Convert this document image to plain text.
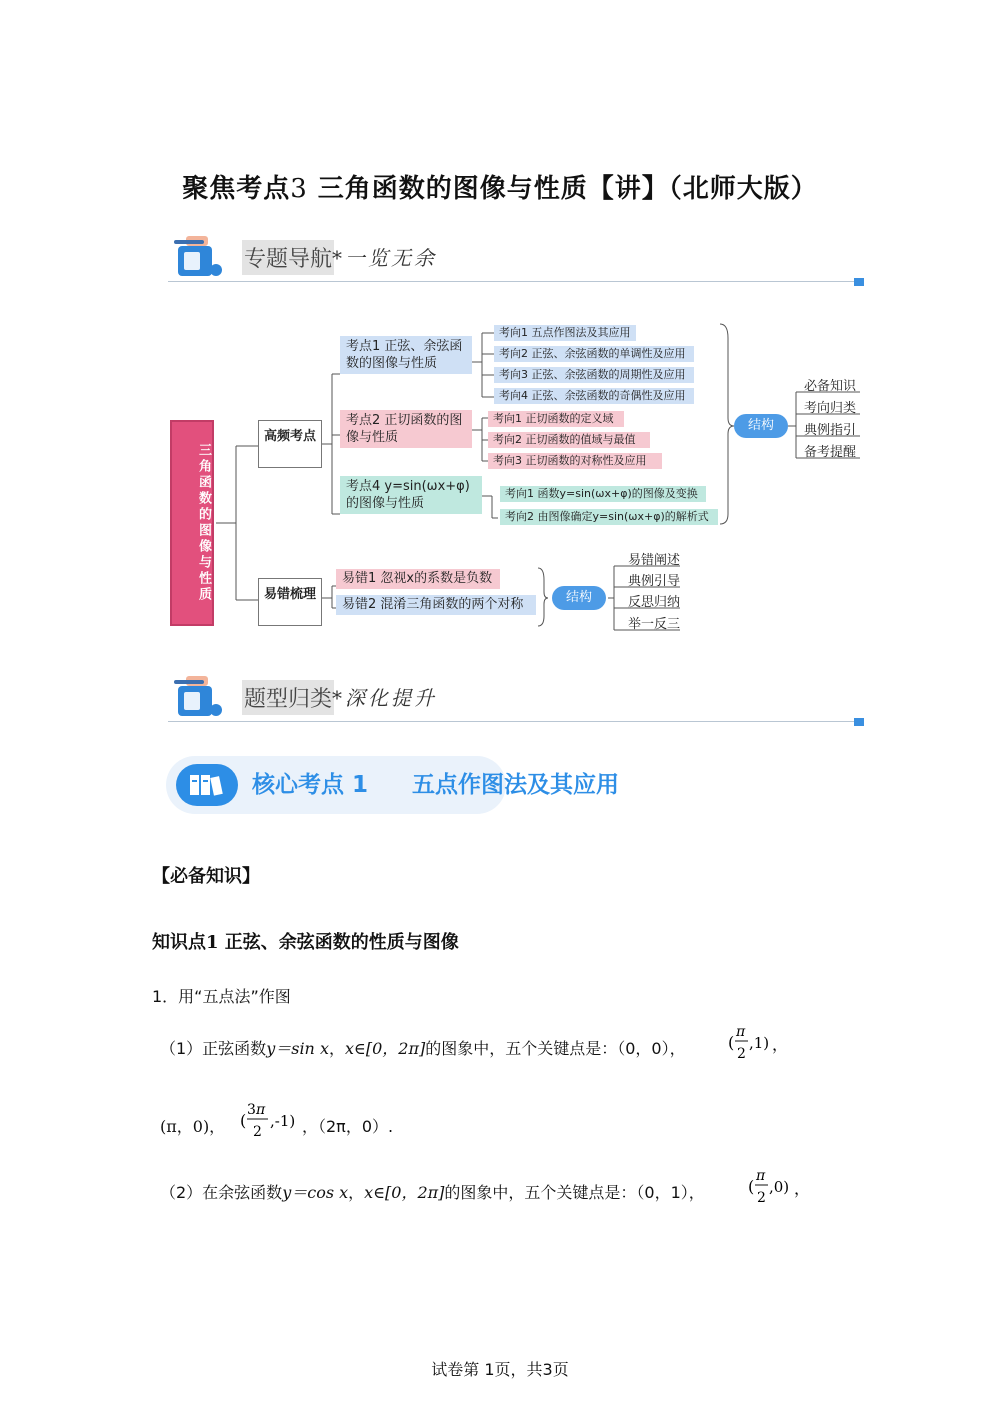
聚焦考点3 三角函数的图像与性质【讲】（北师大版）
专题导航 *一览无余
三角函数的图像与性质
高频考点
易错梳理
考点1 正弦、余弦函数的图像与性质
考点2 正切函数的图像与性质
考点4 y=sin(ωx+φ)的图像与性质
考向1 五点作图法及其应用
考向2 正弦、余弦函数的单调性及应用
考向3 正弦、余弦函数的周期性及应用
考向4 正弦、余弦函数的奇偶性及应用
考向1 正切函数的定义域
考向2 正切函数的值域与最值
考向3 正切函数的对称性及应用
考向1 函数y=sin(ωx+φ)的图像及变换
考向2 由图像确定y=sin(ωx+φ)的解析式
结构
必备知识
考向归类
典例指引
备考提醒
易错1 忽视x的系数是负数
易错2 混淆三角函数的两个对称	结构
易错阐述
典例引导
反思归纳
举一反三
题型归类 *深化提升
核心考点 1 五点作图法及其应用
【必备知识】
知识点1 正弦、余弦函数的性质与图像
1．用“五点法”作图
（1）正弦函数y＝sin x，x∈[0，2π]的图象中，五个关键点是：（0，0），	(
π
2
,1) ，
(π，0)， (
3 π
2
,-1) ，（2π，0）.
（2）在余弦函数y＝cos x，x∈[0，2π]的图象中，五个关键点是：（0，1），	(
π
2
,0) ，
试卷第 1页，共3页
